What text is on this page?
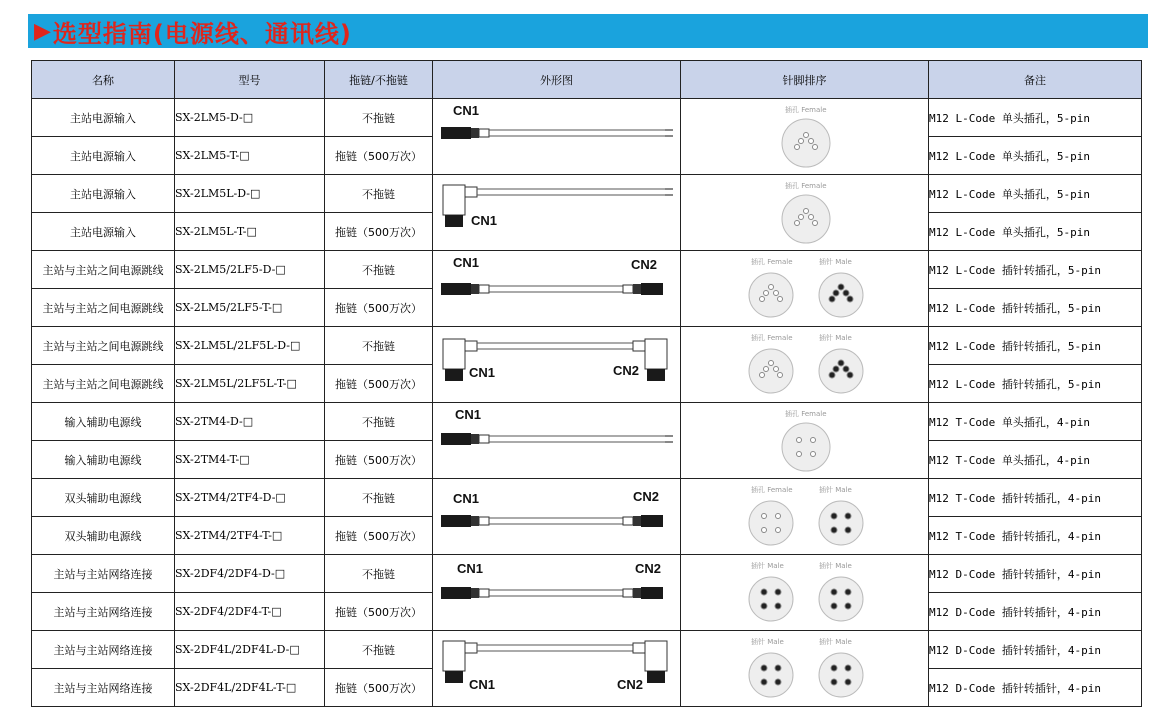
▶ 选型指南(电源线、通讯线)
名称	型号	拖链/不拖链	外形图	针脚排序	备注
主站电源输入	SX-2LM5-D-□	不拖链	CN1	插孔 Female	M12 L-Code 单头插孔，5-pin
主站电源输入	SX-2LM5-T-□	拖链（500万次）			M12 L-Code 单头插孔，5-pin
主站电源输入	SX-2LM5L-D-□	不拖链	CN1	插孔 Female	M12 L-Code 单头插孔，5-pin
主站电源输入	SX-2LM5L-T-□	拖链（500万次）			M12 L-Code 单头插孔，5-pin
主站与主站之间电源跳线	SX-2LM5/2LF5-D-□	不拖链	CN1 CN2	插孔 Female 插针 Male	M12 L-Code 插针转插孔，5-pin
主站与主站之间电源跳线	SX-2LM5/2LF5-T-□	拖链（500万次）			M12 L-Code 插针转插孔，5-pin
主站与主站之间电源跳线	SX-2LM5L/2LF5L-D-□	不拖链	CN1 CN2	插孔 Female 插针 Male	M12 L-Code 插针转插孔，5-pin
主站与主站之间电源跳线	SX-2LM5L/2LF5L-T-□	拖链（500万次）			M12 L-Code 插针转插孔，5-pin
输入辅助电源线	SX-2TM4-D-□	不拖链	CN1	插孔 Female	M12 T-Code 单头插孔，4-pin
输入辅助电源线	SX-2TM4-T-□	拖链（500万次）			M12 T-Code 单头插孔，4-pin
双头辅助电源线	SX-2TM4/2TF4-D-□	不拖链	CN1 CN2	插孔 Female 插针 Male	M12 T-Code 插针转插孔，4-pin
双头辅助电源线	SX-2TM4/2TF4-T-□	拖链（500万次）			M12 T-Code 插针转插孔，4-pin
主站与主站网络连接	SX-2DF4/2DF4-D-□	不拖链	CN1 CN2	插针 Male 插针 Male	M12 D-Code 插针转插针，4-pin
主站与主站网络连接	SX-2DF4/2DF4-T-□	拖链（500万次）			M12 D-Code 插针转插针，4-pin
主站与主站网络连接	SX-2DF4L/2DF4L-D-□	不拖链	CN1 CN2	插针 Male 插针 Male	M12 D-Code 插针转插针，4-pin
主站与主站网络连接	SX-2DF4L/2DF4L-T-□	拖链（500万次）			M12 D-Code 插针转插针，4-pin
